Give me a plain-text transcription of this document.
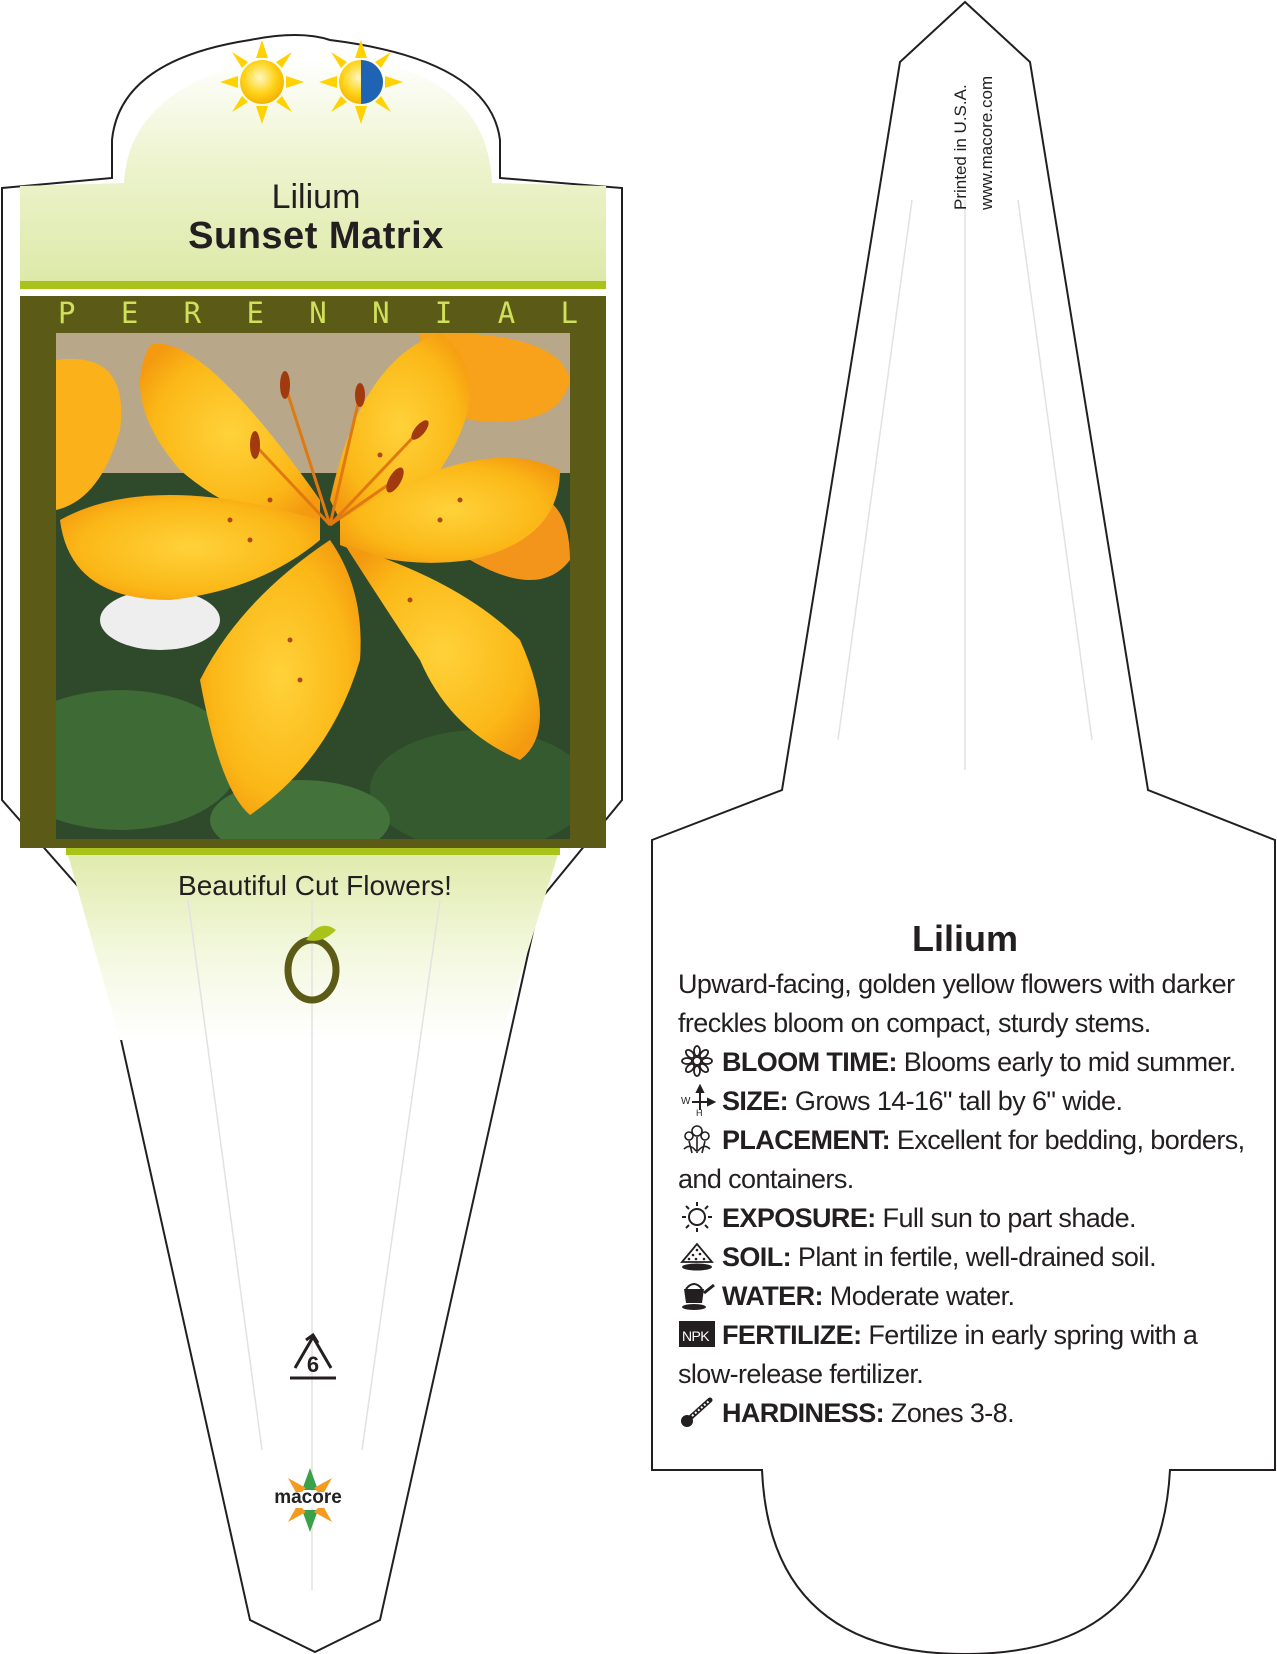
Lilium
Sunset Matrix
P E R E N N I A L
Beautiful Cut Flowers!
6
macore
Printed in U.S.A. www.macore.com
Lilium

Upward-facing, golden yellow flowers with darker freckles bloom on compact, sturdy stems.

BLOOM TIME: Blooms early to mid summer.
W
H SIZE: Grows 14-16" tall by 6" wide.
PLACEMENT: Excellent for bedding, borders, and containers.
EXPOSURE: Full sun to part shade.
SOIL: Plant in fertile, well-drained soil.
WATER: Moderate water.
NPK FERTILIZE: Fertilize in early spring with a slow-release fertilizer.
HARDINESS: Zones 3-8.
